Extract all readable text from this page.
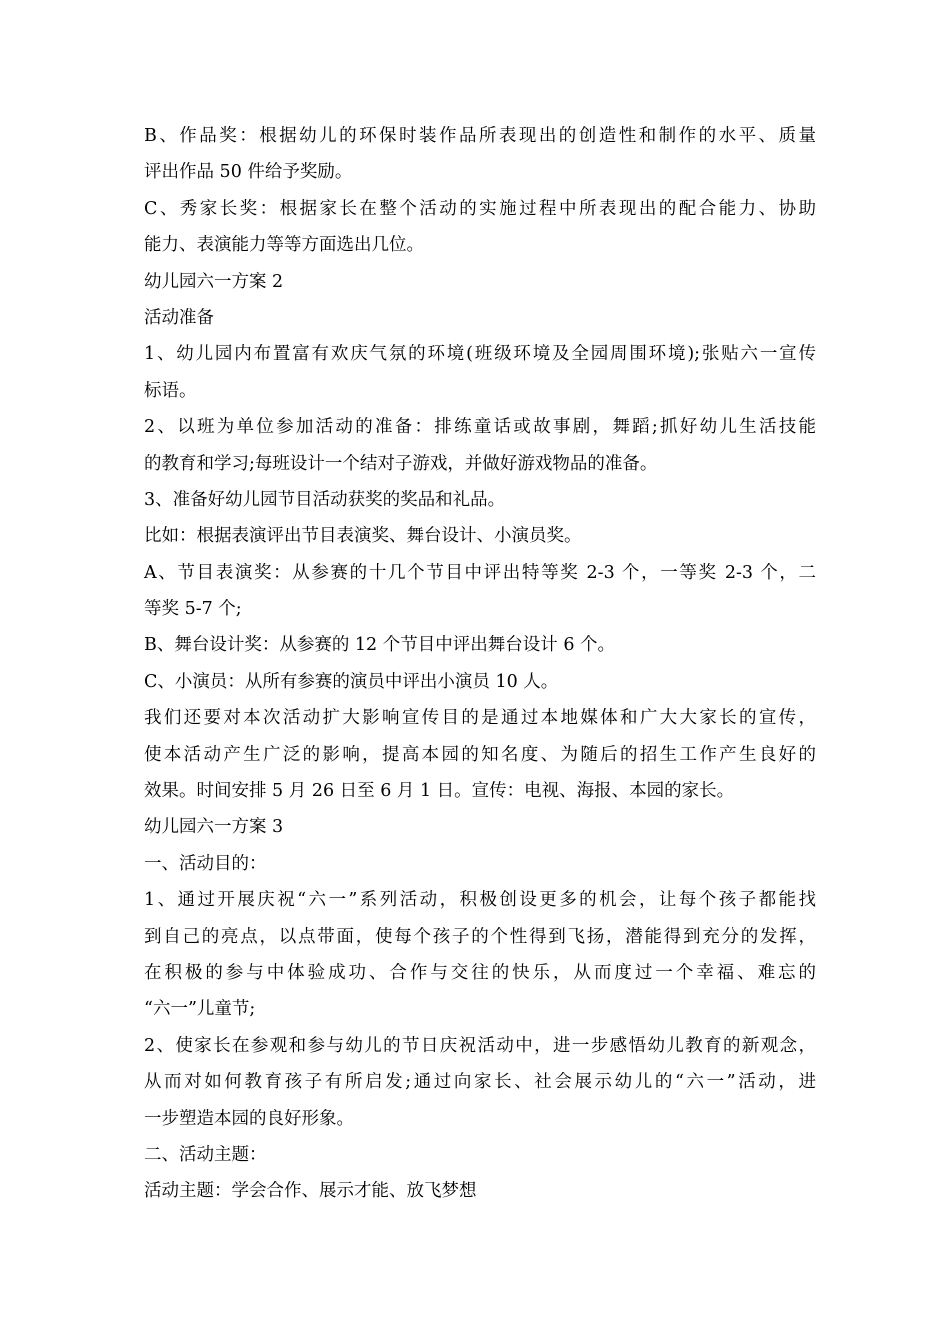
B、作品奖：根据幼儿的环保时装作品所表现出的创造性和制作的水平、质量
评出作品 50 件给予奖励。
C、秀家长奖：根据家长在整个活动的实施过程中所表现出的配合能力、协助
能力、表演能力等等方面选出几位。
幼儿园六一方案 2
活动准备
1、幼儿园内布置富有欢庆气氛的环境(班级环境及全园周围环境);张贴六一宣传
标语。
2、以班为单位参加活动的准备：排练童话或故事剧，舞蹈;抓好幼儿生活技能
的教育和学习;每班设计一个结对子游戏，并做好游戏物品的准备。
3、准备好幼儿园节目活动获奖的奖品和礼品。
比如：根据表演评出节目表演奖、舞台设计、小演员奖。
A、节目表演奖：从参赛的十几个节目中评出特等奖 2-3 个，一等奖 2-3 个，二
等奖 5-7 个;
B、舞台设计奖：从参赛的 12 个节目中评出舞台设计 6 个。
C、小演员：从所有参赛的演员中评出小演员 10 人。
我们还要对本次活动扩大影响宣传目的是通过本地媒体和广大大家长的宣传，
使本活动产生广泛的影响，提高本园的知名度、为随后的招生工作产生良好的
效果。时间安排 5 月 26 日至 6 月 1 日。宣传：电视、海报、本园的家长。
幼儿园六一方案 3
一、活动目的：
1、通过开展庆祝“六一”系列活动，积极创设更多的机会，让每个孩子都能找
到自己的亮点，以点带面，使每个孩子的个性得到飞扬，潜能得到充分的发挥，
在积极的参与中体验成功、合作与交往的快乐，从而度过一个幸福、难忘的
“六一”儿童节;
2、使家长在参观和参与幼儿的节日庆祝活动中，进一步感悟幼儿教育的新观念，
从而对如何教育孩子有所启发;通过向家长、社会展示幼儿的“六一”活动，进
一步塑造本园的良好形象。
二、活动主题：
活动主题：学会合作、展示才能、放飞梦想
